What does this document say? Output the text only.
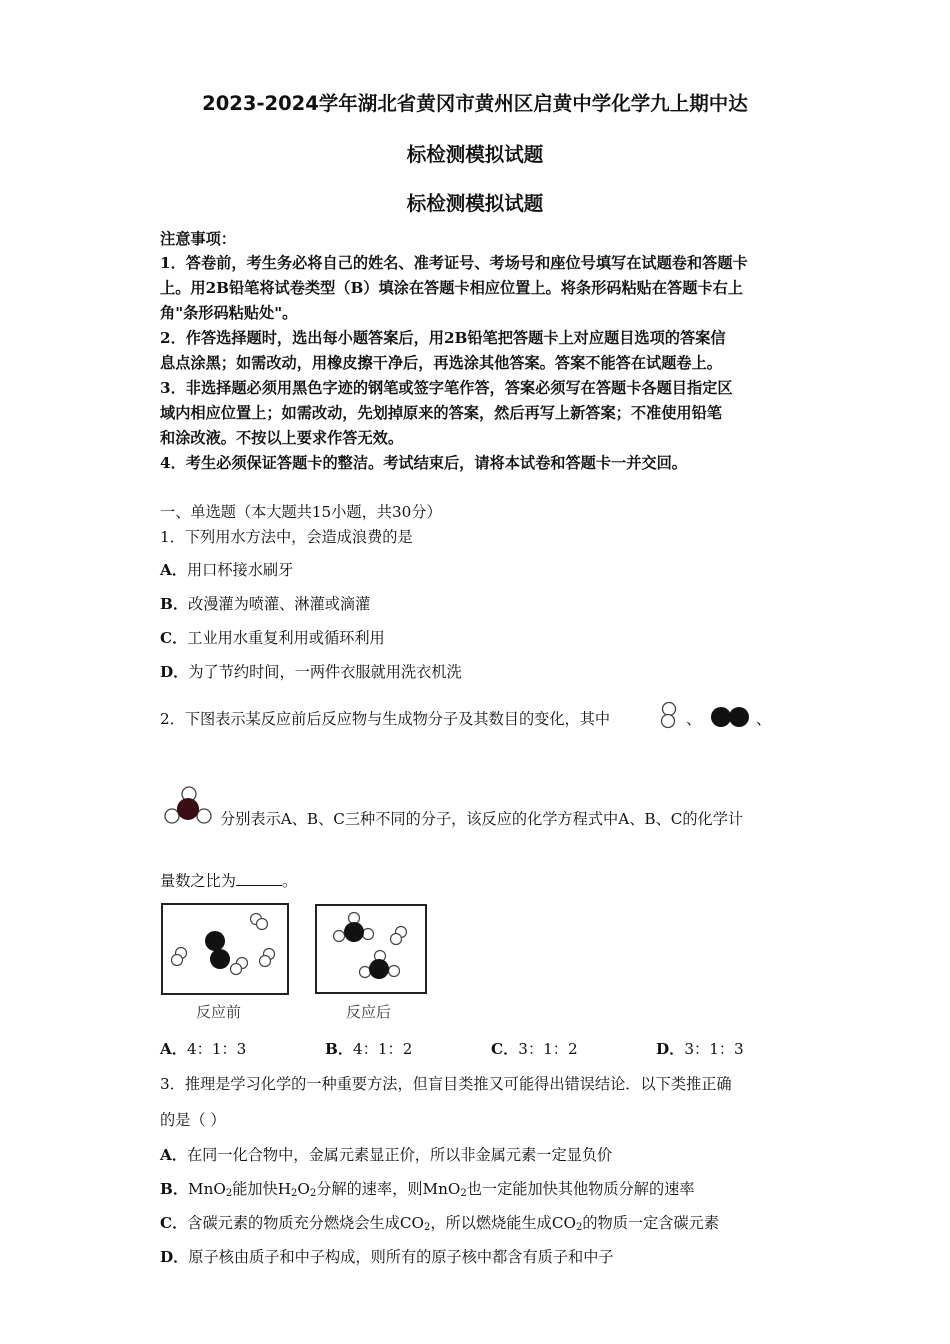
2023-2024学年湖北省黄冈市黄州区启黄中学化学九上期中达
标检测模拟试题
标检测模拟试题
注意事项：
1．答卷前，考生务必将自己的姓名、准考证号、考场号和座位号填写在试题卷和答题卡
上。用2B铅笔将试卷类型（B）填涂在答题卡相应位置上。将条形码粘贴在答题卡右上
角"条形码粘贴处"。
2．作答选择题时，选出每小题答案后，用2B铅笔把答题卡上对应题目选项的答案信
息点涂黑；如需改动，用橡皮擦干净后，再选涂其他答案。答案不能答在试题卷上。
3．非选择题必须用黑色字迹的钢笔或签字笔作答，答案必须写在答题卡各题目指定区
域内相应位置上；如需改动，先划掉原来的答案，然后再写上新答案；不准使用铅笔
和涂改液。不按以上要求作答无效。
4．考生必须保证答题卡的整洁。考试结束后，请将本试卷和答题卡一并交回。
一、单选题（本大题共15小题，共30分）
1．下列用水方法中，会造成浪费的是
A．用口杯接水刷牙
B．改漫灌为喷灌、淋灌或滴灌
C．工业用水重复利用或循环利用
D．为了节约时间，一两件衣服就用洗衣机洗
2．下图表示某反应前后反应物与生成物分子及其数目的变化，其中	、	、
分别表示A、B、C三种不同的分子，该反应的化学方程式中A、B、C的化学计
量数之比为	。
反应前	反应后
A．4：1：3	B．4：1：2	C．3：1：2	D．3：1：3
3．推理是学习化学的一种重要方法，但盲目类推又可能得出错误结论．以下类推正确
的是（ ）
A．在同一化合物中，金属元素显正价，所以非金属元素一定显负价
B．MnO$_2$能加快$H_2O_2$分解的速率，则MnO$_2$也一定能加快其他物质分解的速率
C．含碳元素的物质充分燃烧会生成$CO_2$，所以燃烧能生成$CO_2$的物质一定含碳元素
D．原子核由质子和中子构成，则所有的原子核中都含有质子和中子
